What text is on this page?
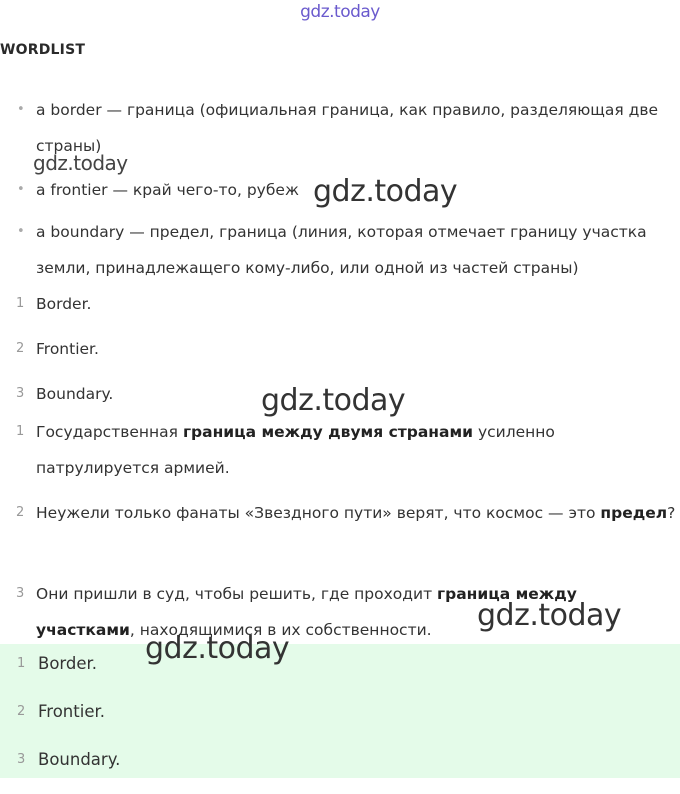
gdz.today
WORDLIST
• a border — граница (официальная граница, как правило, разделяющая две страны)
• a frontier — край чего-то, рубеж
• a boundary — предел, граница (линия, которая отмечает границу участка земли, принадлежащего кому-либо, или одной из частей страны)
1 Border.
2 Frontier.
3 Boundary.
1 Государственная граница между двумя странами усиленно патрулируется армией.
2 Неужели только фанаты «Звездного пути» верят, что космос — это предел?
3 Они пришли в суд, чтобы решить, где проходит граница между участками, находящимися в их собственности.
1 Border.
2 Frontier.
3 Boundary.
gdz.today
gdz.today
gdz.today
gdz.today
gdz.today
